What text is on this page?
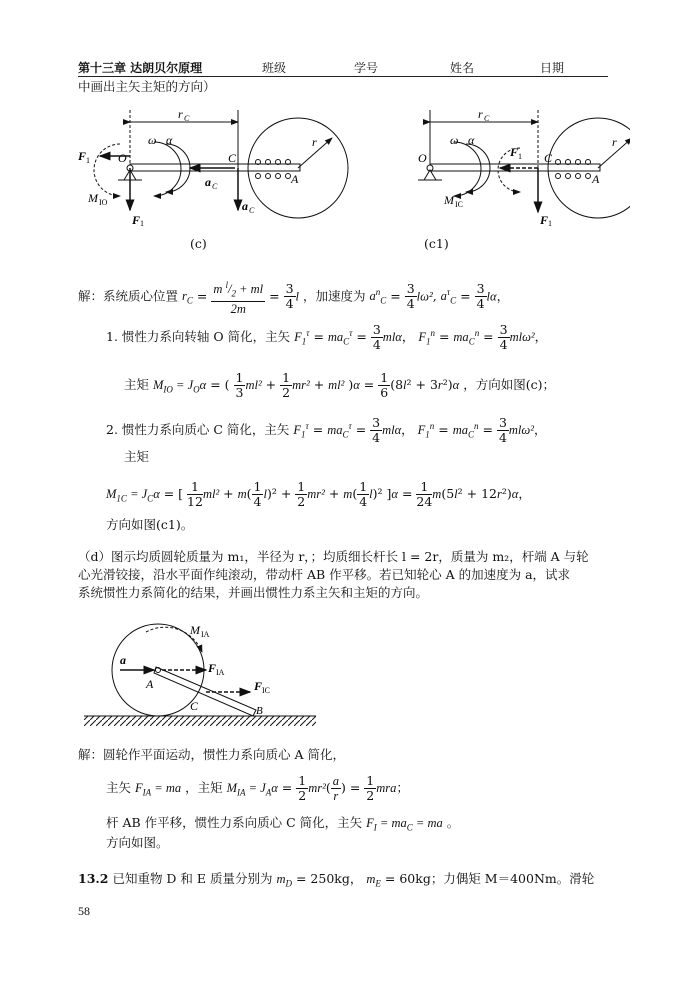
第十三章 达朗贝尔原理	班级	学号	姓名	日期
中画出主矢主矩的方向）
r C
r
A
C
O
a C
a C
F 1
F 1
ω α
M IO
r C
r
A
C
O	F 1
F 1
ω α
M IC
(c)	(c1)
解：系统质心位置 $r_C = \frac{m ^l/_2 + ml}{2m} = \frac{3}{4}$ l ，加速度为 $a^n_C = \frac{3}{4} l\omega^2$, $a^\tau_C = \frac{3}{4}$ lα，
1. 惯性力系向转轴 O 简化，主矢 $F_1^\tau = ma_C^\tau = \frac{3}{4}$ mlα， $F_1^n = ma_C^n = \frac{3}{4} ml\omega^2$，
主矩 $M_{IO} = J_O\alpha$ = ( $\frac{1}{3} ml^2 + \frac{1}{2} mr^2 + ml^2$ )$\alpha = \frac{1}{6} (8l^2 + 3r^2)\alpha$ ，方向如图(c)；
2. 惯性力系向质心 C 简化，主矢 $F_1^\tau = ma_C^\tau = \frac{3}{4}$ mlα， $F_1^n = ma_C^n = \frac{3}{4} ml\omega^2$，
主矩
$M_{1C} = J_C\alpha$ = [ $\frac{1}{12} ml^2 + m( \frac{1}{4} l)^2 + \frac{1}{2} mr^2 + m( \frac{1}{4} l)^2$ ]$\alpha = \frac{1}{24} m(5l^2 + 12r^2)\alpha$，
方向如图(c1)。
（d）图示均质圆轮质量为 m₁，半径为 r，；均质细长杆长 l = 2r，质量为 m₂，杆端 A 与轮
心光滑铰接，沿水平面作纯滚动，带动杆 AB 作平移。若已知轮心 A 的加速度为 a，试求
系统惯性力系简化的结果，并画出惯性力系主矢和主矩的方向。
M IA
a
F IA
A	F IC
C	B
解：圆轮作平面运动，惯性力系向质心 A 简化，
主矢 $F_{IA}$ = ma ，主矩 $M_{IA} = J_A\alpha = \frac{1}{2} mr^2( \frac{a}{r}$ ) = $\frac{1}{2}$ mra；
杆 AB 作平移，惯性力系向质心 C 简化，主矢 $F_I = ma_C$ = ma 。
方向如图。
13.2 已知重物 D 和 E 质量分别为 $m_D = 250kg$， $m_E = 60kg$；力偶矩 M＝400Nm。滑轮
58
